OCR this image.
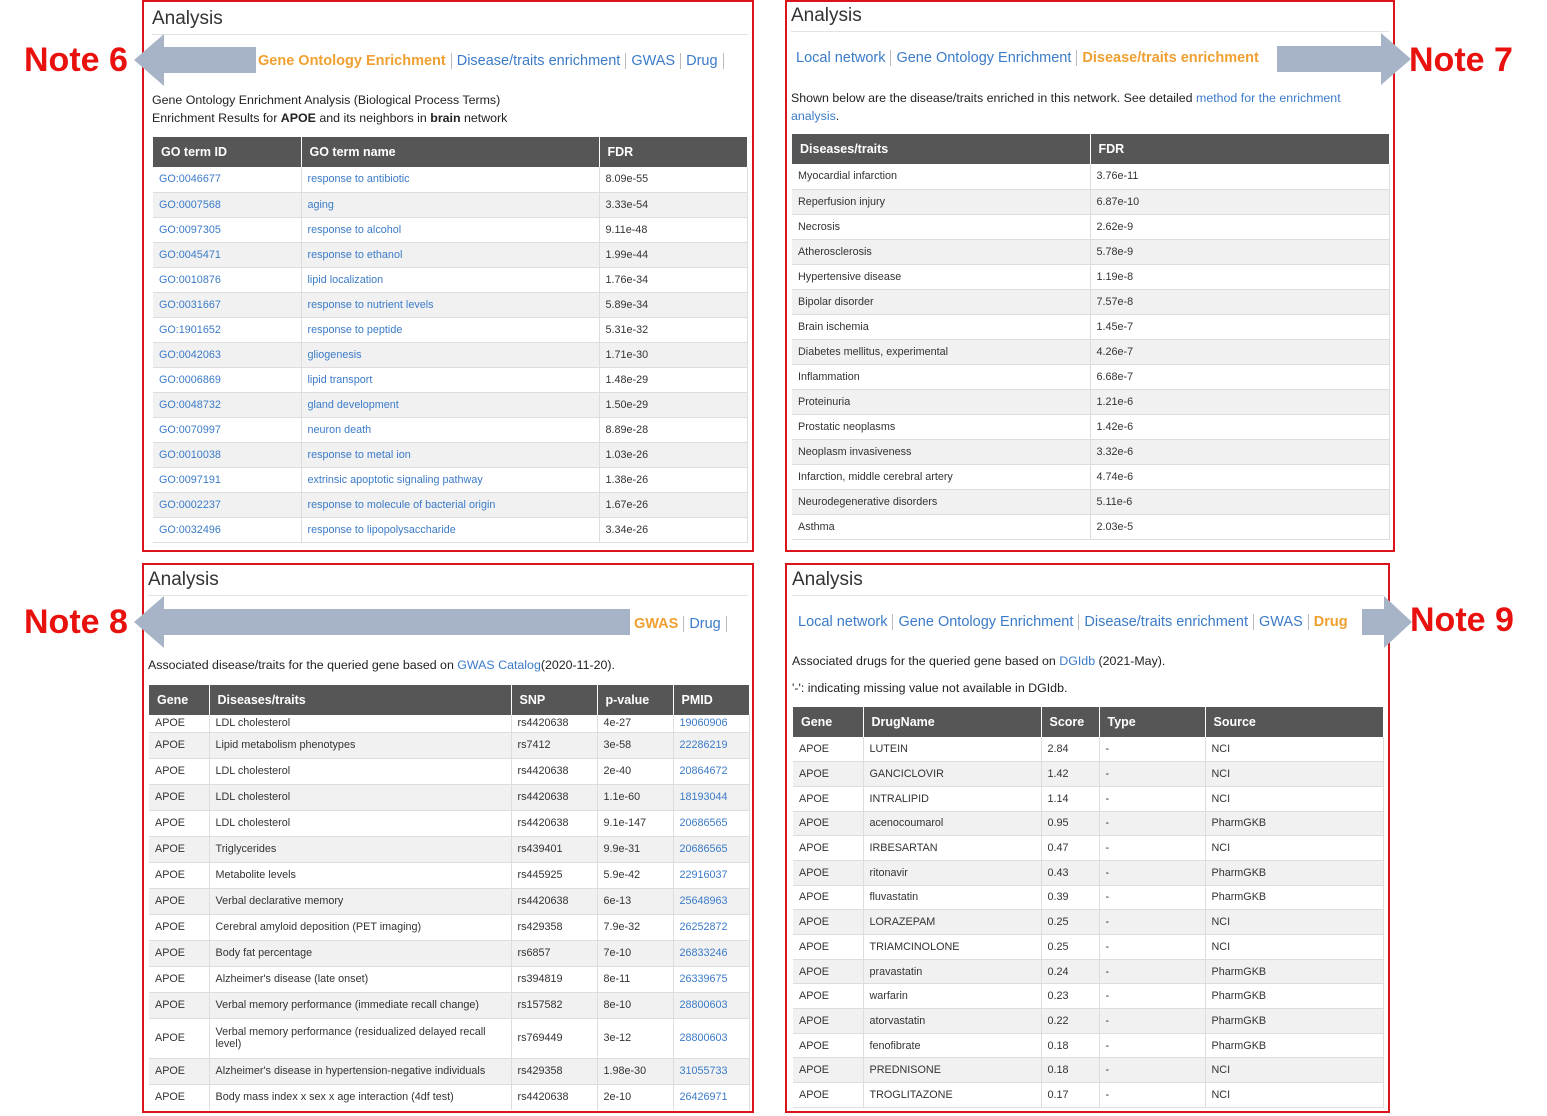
Analysis
Gene Ontology Enrichment Disease/traits enrichment GWAS Drug
Gene Ontology Enrichment Analysis (Biological Process Terms)
Enrichment Results for APOE and its neighbors in brain network
GO term ID	GO term name	FDR
GO:0046677	response to antibiotic	8.09e-55
GO:0007568	aging	3.33e-54
GO:0097305	response to alcohol	9.11e-48
GO:0045471	response to ethanol	1.99e-44
GO:0010876	lipid localization	1.76e-34
GO:0031667	response to nutrient levels	5.89e-34
GO:1901652	response to peptide	5.31e-32
GO:0042063	gliogenesis	1.71e-30
GO:0006869	lipid transport	1.48e-29
GO:0048732	gland development	1.50e-29
GO:0070997	neuron death	8.89e-28
GO:0010038	response to metal ion	1.03e-26
GO:0097191	extrinsic apoptotic signaling pathway	1.38e-26
GO:0002237	response to molecule of bacterial origin	1.67e-26
GO:0032496	response to lipopolysaccharide	3.34e-26
Analysis
Local network Gene Ontology Enrichment Disease/traits enrichment
Shown below are the disease/traits enriched in this network. See detailed method for the enrichment
analysis.
Diseases/traits	FDR
Myocardial infarction	3.76e-11
Reperfusion injury	6.87e-10
Necrosis	2.62e-9
Atherosclerosis	5.78e-9
Hypertensive disease	1.19e-8
Bipolar disorder	7.57e-8
Brain ischemia	1.45e-7
Diabetes mellitus, experimental	4.26e-7
Inflammation	6.68e-7
Proteinuria	1.21e-6
Prostatic neoplasms	1.42e-6
Neoplasm invasiveness	3.32e-6
Infarction, middle cerebral artery	4.74e-6
Neurodegenerative disorders	5.11e-6
Asthma	2.03e-5
Analysis
GWAS Drug
Associated disease/traits for the queried gene based on GWAS Catalog(2020-11-20).
Gene	Diseases/traits	SNP	p-value	PMID
APOE	LDL cholesterol	rs4420638	4e-27	19060906
APOE	Lipid metabolism phenotypes	rs7412	3e-58	22286219
APOE	LDL cholesterol	rs4420638	2e-40	20864672
APOE	LDL cholesterol	rs4420638	1.1e-60	18193044
APOE	LDL cholesterol	rs4420638	9.1e-147	20686565
APOE	Triglycerides	rs439401	9.9e-31	20686565
APOE	Metabolite levels	rs445925	5.9e-42	22916037
APOE	Verbal declarative memory	rs4420638	6e-13	25648963
APOE	Cerebral amyloid deposition (PET imaging)	rs429358	7.9e-32	26252872
APOE	Body fat percentage	rs6857	7e-10	26833246
APOE	Alzheimer's disease (late onset)	rs394819	8e-11	26339675
APOE	Verbal memory performance (immediate recall change)	rs157582	8e-10	28800603
APOE	Verbal memory performance (residualized delayed recall level)	rs769449	3e-12	28800603
APOE	Alzheimer's disease in hypertension-negative individuals	rs429358	1.98e-30	31055733
APOE	Body mass index x sex x age interaction (4df test)	rs4420638	2e-10	26426971
Analysis
Local network Gene Ontology Enrichment Disease/traits enrichment GWAS Drug
Associated drugs for the queried gene based on DGIdb (2021-May).
'-': indicating missing value not available in DGIdb.
Gene	DrugName	Score	Type	Source
APOE	LUTEIN	2.84	-	NCI
APOE	GANCICLOVIR	1.42	-	NCI
APOE	INTRALIPID	1.14	-	NCI
APOE	acenocoumarol	0.95	-	PharmGKB
APOE	IRBESARTAN	0.47	-	NCI
APOE	ritonavir	0.43	-	PharmGKB
APOE	fluvastatin	0.39	-	PharmGKB
APOE	LORAZEPAM	0.25	-	NCI
APOE	TRIAMCINOLONE	0.25	-	NCI
APOE	pravastatin	0.24	-	PharmGKB
APOE	warfarin	0.23	-	PharmGKB
APOE	atorvastatin	0.22	-	PharmGKB
APOE	fenofibrate	0.18	-	PharmGKB
APOE	PREDNISONE	0.18	-	NCI
APOE	TROGLITAZONE	0.17	-	NCI
Note 6	Note 7
Note 8	Note 9
